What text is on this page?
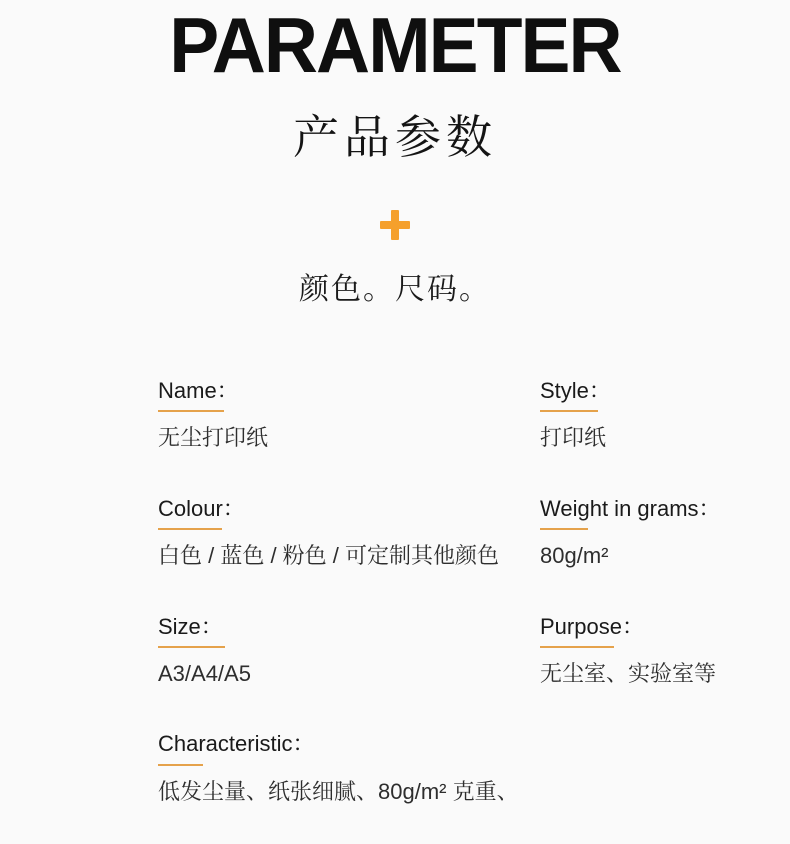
PARAMETER
产品参数
颜色。尺码。
Name：
无尘打印纸
Style：
打印纸
Colour：
白色 / 蓝色 / 粉色 / 可定制其他颜色
Weight in grams：
80g/m²
Size：
A3/A4/A5
Purpose：
无尘室、实验室等
Characteristic：
低发尘量、纸张细腻、80g/m² 克重、
